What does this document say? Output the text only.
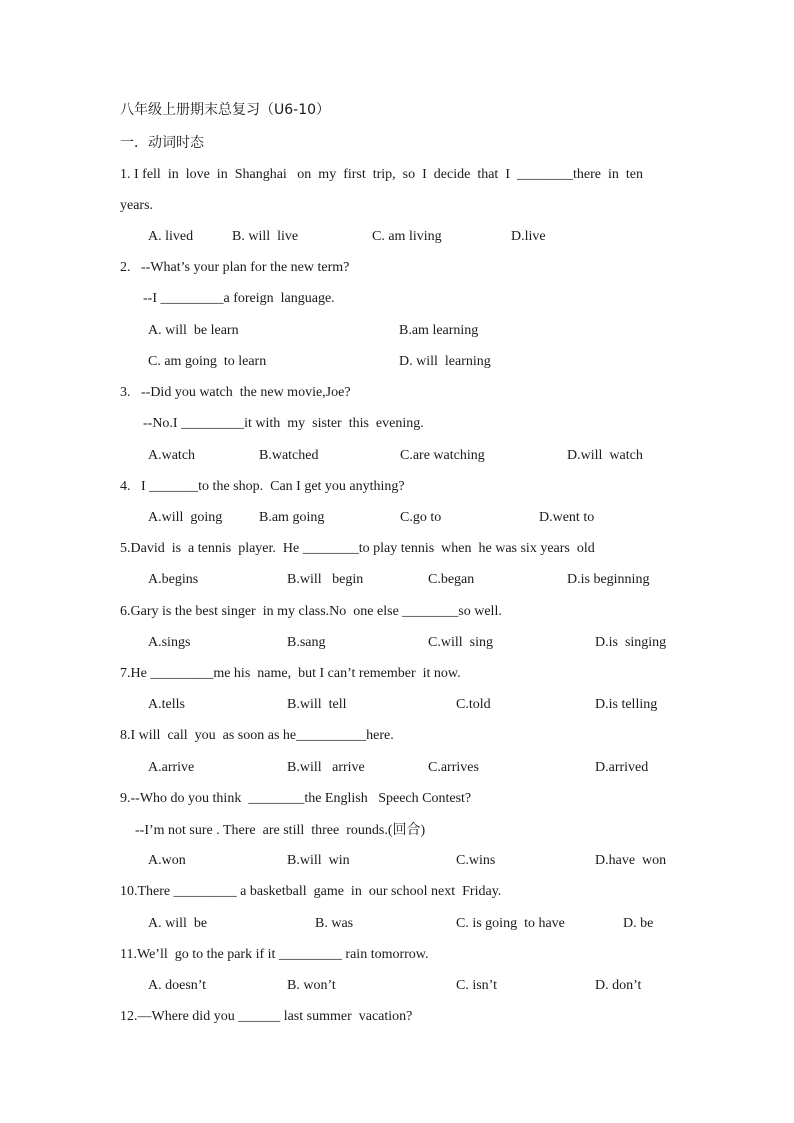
八年级上册期末总复习（U6-10）
一．动词时态
1. I fell  in  love  in  Shanghai   on  my  first  trip,  so  I  decide  that  I  ________there  in  ten
years.
A. lived	B. will  live	C. am living	D.live
2.   --What’s your plan for the new term?
--I _________a foreign  language.
A. will  be learn	B.am learning
C. am going  to learn	D. will  learning
3.   --Did you watch  the new movie,Joe?
--No.I _________it with  my  sister  this  evening.
A.watch	B.watched	C.are watching	D.will  watch
4.   I _______to the shop.  Can I get you anything?
A.will  going	B.am going	C.go to	D.went to
5.David  is  a tennis  player.  He ________to play tennis  when  he was six years  old
A.begins	B.will   begin	C.began	D.is beginning
6.Gary is the best singer  in my class.No  one else ________so well.
A.sings	B.sang	C.will  sing	D.is  singing
7.He _________me his  name,  but I can’t remember  it now.
A.tells	B.will  tell	C.told	D.is telling
8.I will  call  you  as soon as he__________here.
A.arrive	B.will   arrive	C.arrives	D.arrived
9.--Who do you think  ________the English   Speech Contest?
--I’m not sure . There  are still  three  rounds.(回合)
A.won	B.will  win	C.wins	D.have  won
10.There _________ a basketball  game  in  our school next  Friday.
A. will  be	B. was	C. is going  to have	D. be
11.We’ll  go to the park if it _________ rain tomorrow.
A. doesn’t	B. won’t	C. isn’t	D. don’t
12.—Where did you ______ last summer  vacation?
